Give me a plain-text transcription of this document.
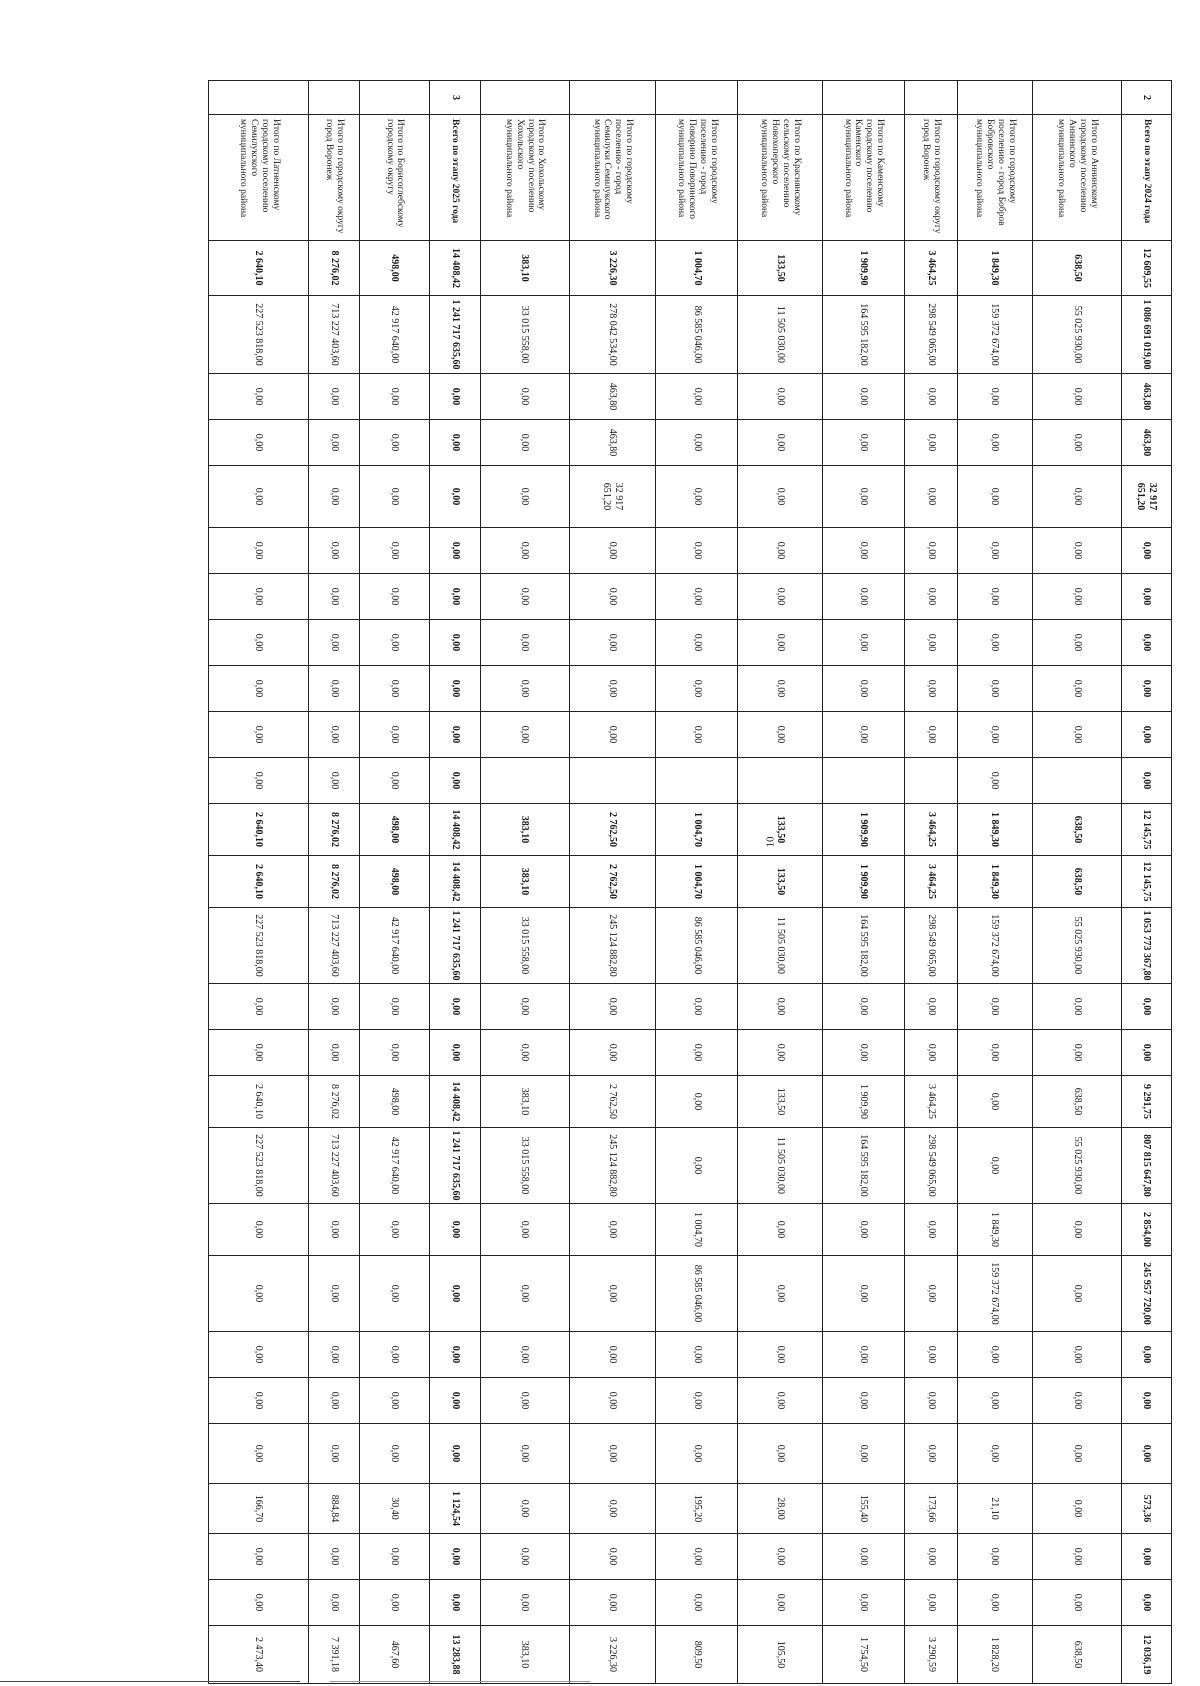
10
2	Всего по этапу 2024 года	12 609,55	1 086 691 019,00	463,80	463,80	32 917 651,20	0,00	0,00	0,00	0,00	0,00	0,00	12 145,75	12 145,75	1 053 773 367,80	0,00	0,00	9 291,75	807 815 647,80	2 854,00	245 957 720,00	0,00	0,00	0,00	573,36	0,00	0,00	12 036,19
	Итого по Аннинскому городскому поселению Аннинского муниципального района	638,50	55 025 930,00	0,00	0,00	0,00	0,00	0,00	0,00	0,00	0,00		638,50	638,50	55 025 930,00	0,00	0,00	638,50	55 025 930,00	0,00	0,00	0,00	0,00	0,00	0,00	0,00	0,00	638,50
	Итого по городскому поселению - город Бобров Бобровского муниципального района	1 849,30	159 372 674,00	0,00	0,00	0,00	0,00	0,00	0,00	0,00	0,00	0,00	1 849,30	1 849,30	159 372 674,00	0,00	0,00	0,00	0,00	1 849,30	159 372 674,00	0,00	0,00	0,00	21,10	0,00	0,00	1 828,20
	Итого по городскому округу город Воронеж	3 464,25	298 549 065,00	0,00	0,00	0,00	0,00	0,00	0,00	0,00	0,00		3 464,25	3 464,25	298 549 065,00	0,00	0,00	3 464,25	298 549 065,00	0,00	0,00	0,00	0,00	0,00	173,66	0,00	0,00	3 290,59
	Итого по Каменскому городскому поселению Каменского муниципального района	1 909,90	164 595 182,00	0,00	0,00	0,00	0,00	0,00	0,00	0,00	0,00		1 909,90	1 909,90	164 595 182,00	0,00	0,00	1 909,90	164 595 182,00	0,00	0,00	0,00	0,00	0,00	155,40	0,00	0,00	1 754,50
	Итого по Краснянскому сельскому поселению Новохоперского муниципального района	133,50	11 505 030,00	0,00	0,00	0,00	0,00	0,00	0,00	0,00	0,00		133,50	133,50	11 505 030,00	0,00	0,00	133,50	11 505 030,00	0,00	0,00	0,00	0,00	0,00	28,00	0,00	0,00	105,50
	Итого по городскому поселению - город Поворино Поворинского муниципального района	1 004,70	86 585 046,00	0,00	0,00	0,00	0,00	0,00	0,00	0,00	0,00		1 004,70	1 004,70	86 585 046,00	0,00	0,00	0,00	0,00	1 004,70	86 585 046,00	0,00	0,00	0,00	195,20	0,00	0,00	809,50
	Итого по городскому поселению - город Семилуки Семилукского муниципального района	3 226,30	278 042 534,00	463,80	463,80	32 917 651,20	0,00	0,00	0,00	0,00	0,00		2 762,50	2 762,50	245 124 882,80	0,00	0,00	2 762,50	245 124 882,80	0,00	0,00	0,00	0,00	0,00	0,00	0,00	0,00	3 226,30
	Итого по Хохольскому городскому поселению Хохольского муниципального района	383,10	33 015 558,00	0,00	0,00	0,00	0,00	0,00	0,00	0,00	0,00		383,10	383,10	33 015 558,00	0,00	0,00	383,10	33 015 558,00	0,00	0,00	0,00	0,00	0,00	0,00	0,00	0,00	383,10
3	Всего по этапу 2025 года	14 408,42	1 241 717 635,60	0,00	0,00	0,00	0,00	0,00	0,00	0,00	0,00	0,00	14 408,42	14 408,42	1 241 717 635,60	0,00	0,00	14 408,42	1 241 717 635,60	0,00	0,00	0,00	0,00	0,00	1 124,54	0,00	0,00	13 283,88
	Итого по Борисоглебскому городскому округу	498,00	42 917 640,00	0,00	0,00	0,00	0,00	0,00	0,00	0,00	0,00	0,00	498,00	498,00	42 917 640,00	0,00	0,00	498,00	42 917 640,00	0,00	0,00	0,00	0,00	0,00	30,40	0,00	0,00	467,60
	Итого по городскому округу город Воронеж	8 276,02	713 227 403,60	0,00	0,00	0,00	0,00	0,00	0,00	0,00	0,00	0,00	8 276,02	8 276,02	713 227 403,60	0,00	0,00	8 276,02	713 227 403,60	0,00	0,00	0,00	0,00	0,00	884,84	0,00	0,00	7 391,18
	Итого по Латненскому городскому поселению Семилукского муниципального района	2 640,10	227 523 818,00	0,00	0,00	0,00	0,00	0,00	0,00	0,00	0,00	0,00	2 640,10	2 640,10	227 523 818,00	0,00	0,00	2 640,10	227 523 818,00	0,00	0,00	0,00	0,00	0,00	166,70	0,00	0,00	2 473,40
